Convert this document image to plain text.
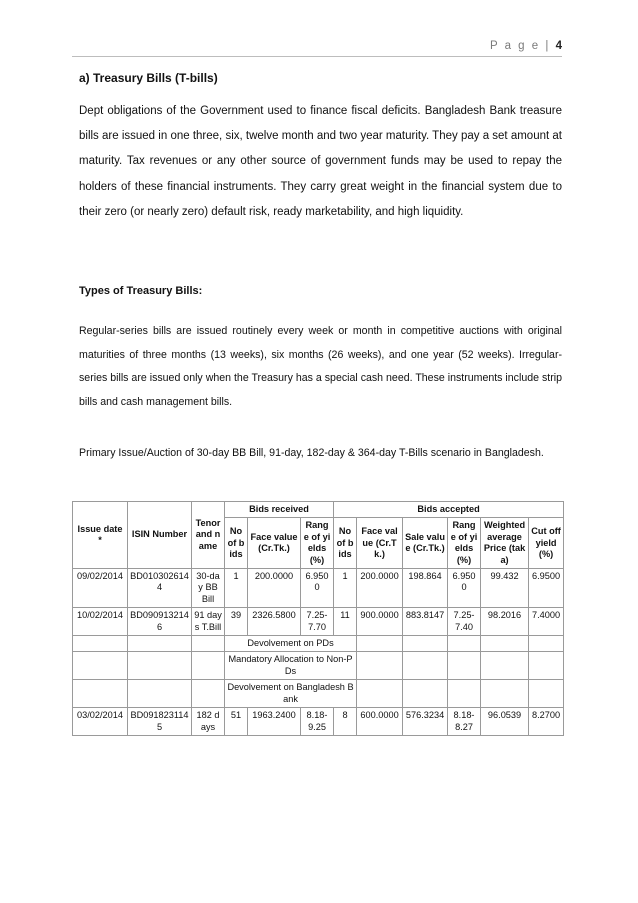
P a g e | 4
a) Treasury Bills (T-bills)
Dept obligations of the Government used to finance fiscal deficits. Bangladesh Bank treasure bills are issued in one three, six, twelve month and two year maturity. They pay a set amount at maturity. Tax revenues or any other source of government funds may be used to repay the holders of these financial instruments. They carry great weight in the financial system due to their zero (or nearly zero) default risk, ready marketability, and high liquidity.
Types of Treasury Bills:
Regular-series bills are issued routinely every week or month in competitive auctions with original maturities of three months (13 weeks), six months (26 weeks), and one year (52 weeks). Irregular-series bills are issued only when the Treasury has a special cash need. These instruments include strip bills and cash management bills.
Primary Issue/Auction of 30-day BB Bill, 91-day, 182-day & 364-day T-Bills scenario in Bangladesh.
Issue date *	ISIN Number	Tenor and name	Bids received			Bids accepted					
			No of bids	Face value (Cr.Tk.)	Range of yields (%)	No of bids	Face value (Cr.Tk.)	Sale value (Cr.Tk.)	Range of yields (%)	Weighted average Price (taka)	Cut off yield (%)
09/02/2014	BD0103026144	30-day BB Bill	1	200.0000	6.9500	1	200.0000	198.864	6.9500	99.432	6.9500
10/02/2014	BD0909132146	91 days T.Bill	39	2326.5800	7.25-7.70	11	900.0000	883.8147	7.25-7.40	98.2016	7.4000
			Devolvement on PDs								
			Mandatory Allocation to Non-PDs								
			Devolvement on Bangladesh Bank								
03/02/2014	BD0918231145	182 days	51	1963.2400	8.18-9.25	8	600.0000	576.3234	8.18-8.27	96.0539	8.2700
